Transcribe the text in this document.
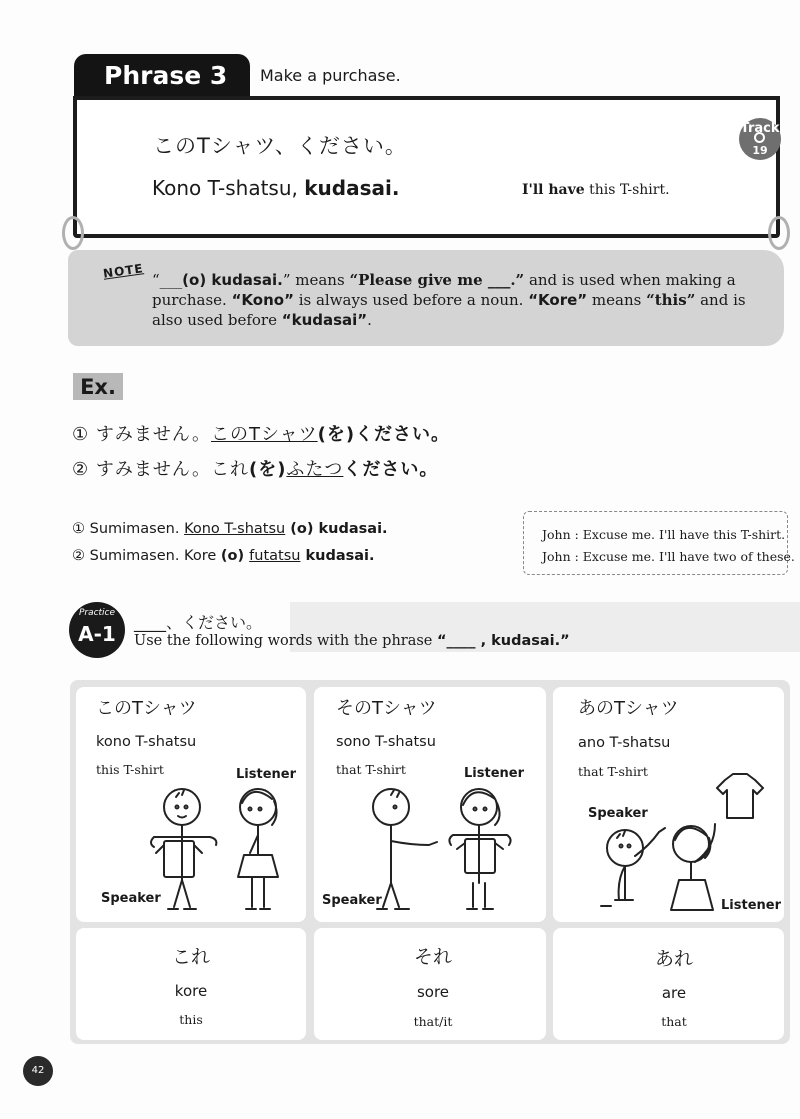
Phrase 3	Make a purchase.
このTシャツ、ください。
Kono T-shatsu, kudasai.	I'll have this T-shirt.
Track
19
NOTE “___(o) kudasai.” means “Please give me ___.” and is used when making a purchase. “Kono” is always used before a noun. “Kore” means “this” and is also used before “kudasai”.
Ex.
① すみません。このTシャツ(を)ください。
② すみません。これ(を)ふたつください。
① Sumimasen. Kono T-shatsu (o) kudasai.
② Sumimasen. Kore (o) futatsu kudasai.
John : Excuse me. I'll have this T-shirt.
John : Excuse me. I'll have two of these.
Practice
A-1	____、ください。
Use the following words with the phrase “____ , kudasai.”
このTシャツ
kono T-shatsu
this T-shirt	Listener
Speaker
そのTシャツ
sono T-shatsu
that T-shirt	Listener
Speaker
あのTシャツ
ano T-shatsu
that T-shirt
Speaker
Listener
これ
kore
this
それ
sore
that/it
あれ
are
that
42
